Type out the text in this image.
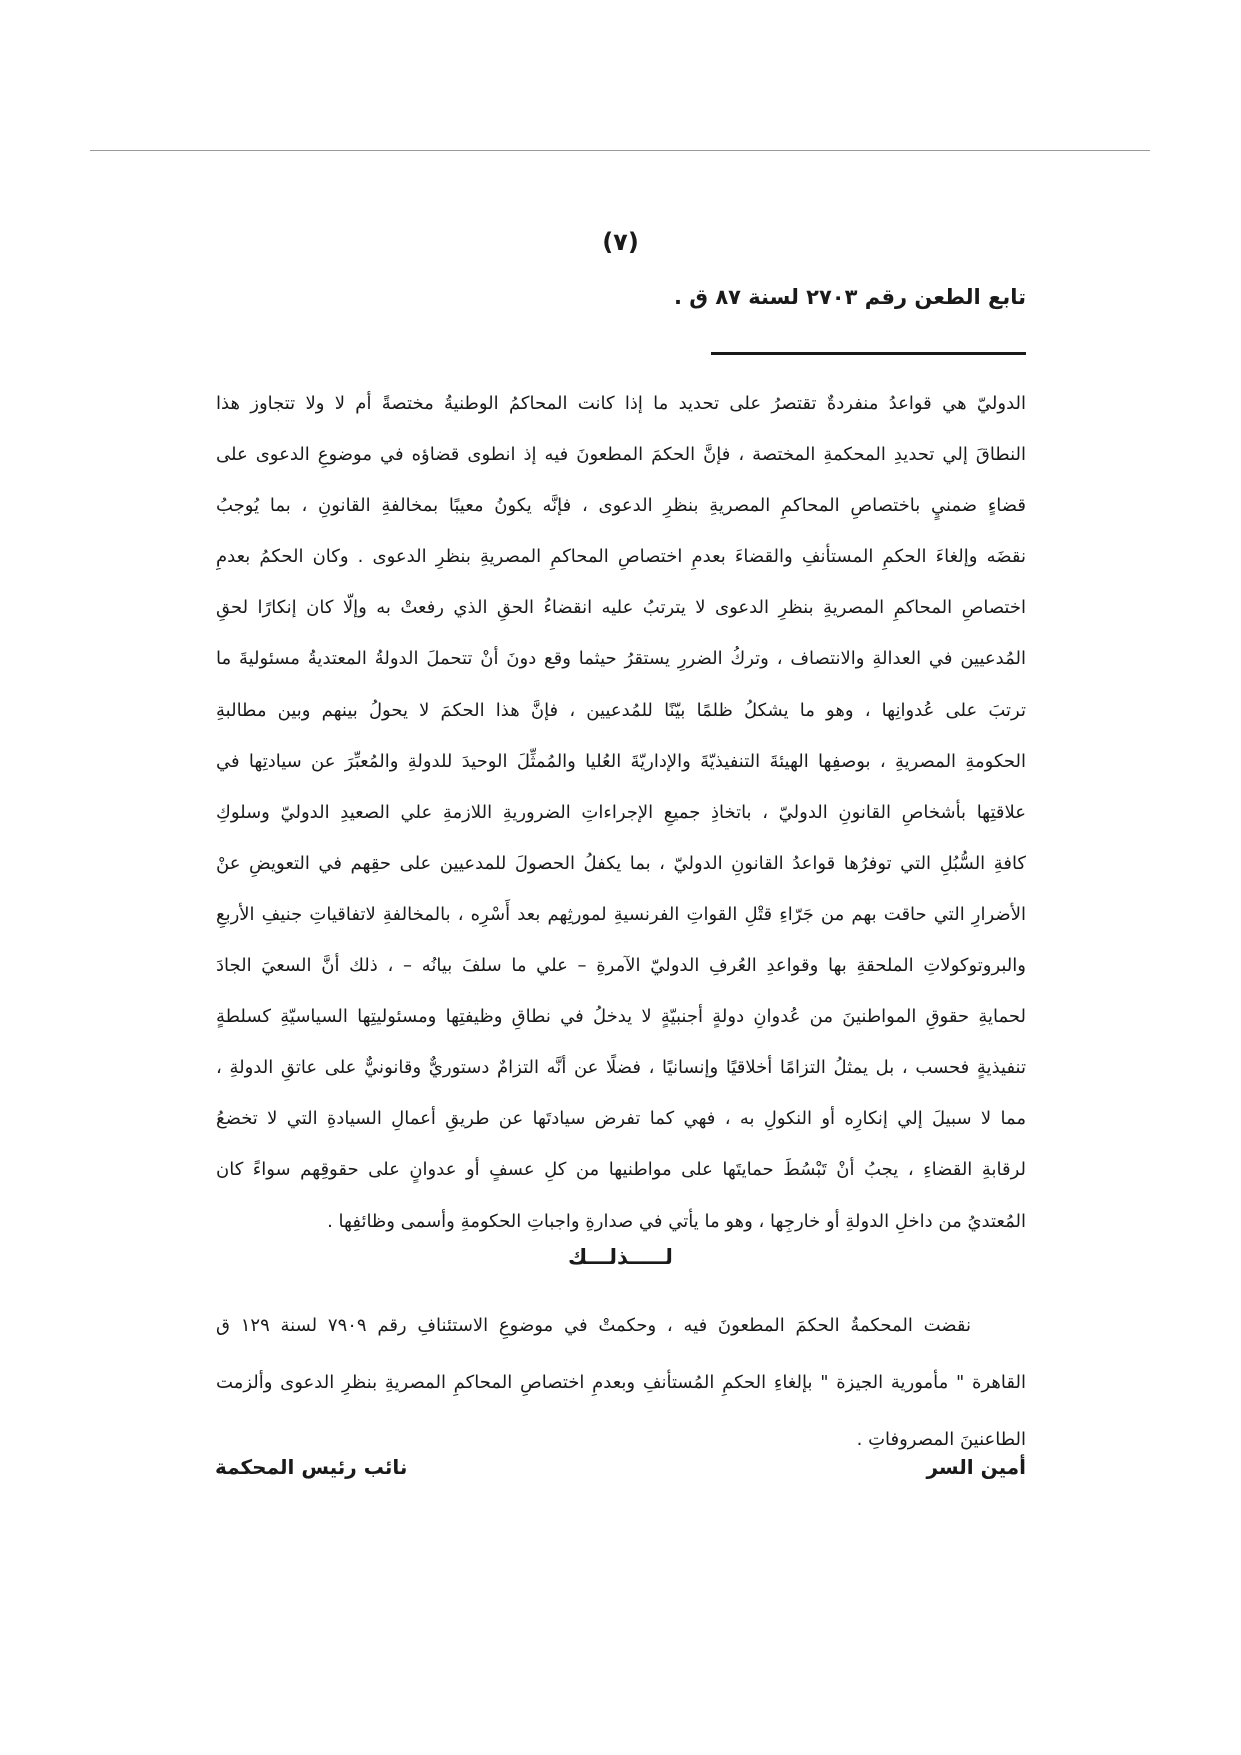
(٧)
تابع الطعن رقم ٢٧٠٣ لسنة ٨٧ ق .
الدوليّ هي قواعدُ منفردةٌ تقتصرُ على تحديد ما إذا كانت المحاكمُ الوطنيةُ مختصةً أم لا ولا تتجاوز هذا
النطاقَ إلي تحديدِ المحكمةِ المختصة ، فإنَّ الحكمَ المطعونَ فيه إذ انطوى قضاؤه في موضوعِ الدعوى على
قضاءٍ ضمنيٍ باختصاصِ المحاكمِ المصريةِ بنظرِ الدعوى ، فإنَّه يكونُ معيبًا بمخالفةِ القانونِ ، بما يُوجبُ
نقضَه وإلغاءَ الحكمِ المستأنفِ والقضاءَ بعدمِ اختصاصِ المحاكمِ المصريةِ بنظرِ الدعوى . وكان الحكمُ بعدمِ
اختصاصِ المحاكمِ المصريةِ بنظرِ الدعوى لا يترتبُ عليه انقضاءُ الحقِ الذي رفعتْ به وإلّا كان إنكارًا لحقِ
المُدعيين في العدالةِ والانتصاف ، وتركُ الضررِ يستقرُ حيثما وقع دونَ أنْ تتحملَ الدولةُ المعتديةُ مسئوليةَ ما
ترتبَ على عُدوانِها ، وهو ما يشكلُ ظلمًا بيّنًا للمُدعيين ، فإنَّ هذا الحكمَ لا يحولُ بينهم وبين مطالبةِ
الحكومةِ المصريةِ ، بوصفِها الهيئةَ التنفيذيّةَ والإداريّةَ العُليا والمُمثِّلَ الوحيدَ للدولةِ والمُعبِّرَ عن سيادتِها في
علاقتِها بأشخاصِ القانونِ الدوليّ ، باتخاذِ جميعِ الإجراءاتِ الضروريةِ اللازمةِ علي الصعيدِ الدوليّ وسلوكِ
كافةِ السُّبُلِ التي توفرُها قواعدُ القانونِ الدوليّ ، بما يكفلُ الحصولَ للمدعيين على حقِهم في التعويضِ عنْ
الأضرارِ التي حاقت بهم من جَرّاءِ قتْلِ القواتِ الفرنسيةِ لمورثِهم بعد أَسْرِه ، بالمخالفةِ لاتفاقياتِ جنيفِ الأربعِ
والبروتوكولاتِ الملحقةِ بها وقواعدِ العُرفِ الدوليّ الآمرةِ – علي ما سلفَ بيانُه – ، ذلك أنَّ السعيَ الجادَ
لحمايةِ حقوقِ المواطنينَ من عُدوانِ دولةٍ أجنبيّةٍ لا يدخلُ في نطاقِ وظيفتِها ومسئوليتِها السياسيّةِ كسلطةٍ
تنفيذيةٍ فحسب ، بل يمثلُ التزامًا أخلاقيًا وإنسانيًا ، فضلًا عن أنَّه التزامٌ دستوريٌّ وقانونيٌّ على عاتقِ الدولةِ ،
مما لا سبيلَ إلي إنكارِه أو النكولِ به ، فهي كما تفرض سيادتَها عن طريقِ أعمالِ السيادةِ التي لا تخضعُ
لرقابةِ القضاءِ ، يجبُ أنْ تَبْسُطَ حمايتَها على مواطنيها من كلِ عسفٍ أو عدوانٍ على حقوقِهم سواءً كان
المُعتديُ من داخلِ الدولةِ أو خارجِها ، وهو ما يأتي في صدارةِ واجباتِ الحكومةِ وأسمى وظائفِها .
لـــــذلـــك
نقضت المحكمةُ الحكمَ المطعونَ فيه ، وحكمتْ في موضوعِ الاستئنافِ رقم ٧٩٠٩ لسنة ١٢٩ ق
القاهرة " مأمورية الجيزة " بإلغاءِ الحكمِ المُستأنفِ وبعدمِ اختصاصِ المحاكمِ المصريةِ بنظرِ الدعوى وألزمت
الطاعنينَ المصروفاتِ .
أمين السر
نائب رئيس المحكمة
